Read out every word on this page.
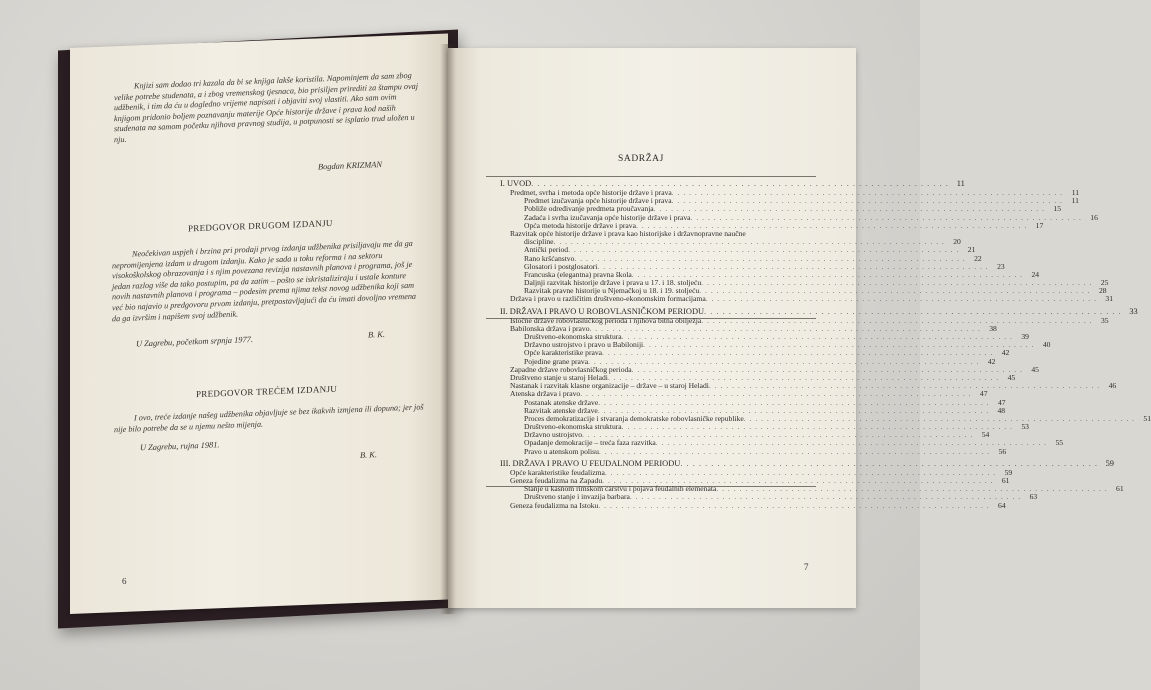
Knjizi sam dodao tri kazala da bi se knjiga lakše koristila. Napominjem da sam zbog velike potrebe studenata, a i zbog vremenskog tjesnaca, bio prisiljen prirediti za štampu ovaj udžbenik, i tim da ću u dogledno vrijeme napisati i objaviti svoj vlastiti. Ako sam ovim knjigom pridonio boljem poznavanju materije Opće historije države i prava kod naših studenata na samom početku njihova pravnog studija, u potpunosti se isplatio trud uložen u nju.

Bogdan KRIZMAN

PREDGOVOR DRUGOM IZDANJU

Neočekivan uspjeh i brzina pri prodaji prvog izdanja udžbenika prisiljavaju me da ga nepromijenjena izdam u drugom izdanju. Kako je sada u toku reforma i na sektoru visokoškolskog obrazovanja i s njim povezana revizija nastavnih planova i programa, još je jedan razlog više da tako postupim, pa da zatim – pošto se iskristaliziraju i ustale konture novih nastavnih planova i programa – podesim prema njima tekst novog udžbenika koji sam već bio najavio u predgovoru prvom izdanju, pretpostavljajući da ću imati dovoljno vremena da ga izvršim i napišem svoj udžbenik.

U Zagrebu, početkom srpnja 1977.

B. K.

PREDGOVOR TREĆEM IZDANJU

I ovo, treće izdanje našeg udžbenika objavljuje se bez ikakvih izmjena ili dopuna; jer još nije bilo potrebe da se u njemu nešto mijenja.

U Zagrebu, rujna 1981.

B. K.

6

SADRŽAJ

I. UVOD . . .	11
Predmet, svrha i metoda opće historije države i prava . . .	11
Predmet izučavanja opće historije države i prava . . .	11
Pobliže određivanje predmeta proučavanja . . .	15
Zadaća i svrha izučavanja opće historije države i prava . . .	16
Opća metoda historije države i prava . . .	17
Razvitak opće historije države i prava kao historijske i državnopravne naučne
discipline . . .	20
Antički period . . .	21
Rano kršćanstvo . . .	22
Glosatori i postglosatori . . .	23
Francuska (elegantna) pravna škola . . .	24
Daljnji razvitak historije države i prava u 17. i 18. stoljeću . . .	25
Razvitak pravne historije u Njemačkoj u 18. i 19. stoljeću . . .	28
Država i pravo u različitim društveno-ekonomskim formacijama . . .	31
II. DRŽAVA I PRAVO U ROBOVLASNIČKOM PERIODU . . .	33
Istočne države robovlasničkog perioda i njihova bitna obilježja . . .	35
Babilonska država i pravo . . .	38
Društveno-ekonomska struktura . . .	39
Državno ustrojstvo i pravo u Babiloniji . . .	40
Opće karakteristike prava . . .	42
Pojedine grane prava . . .	42
Zapadne države robovlasničkog perioda . . .	45
Društveno stanje u staroj Heladi . . .	45
Nastanak i razvitak klasne organizacije – države – u staroj Heladi . . .	46
Atenska država i pravo . . .	47
Postanak atenske države . . .	47
Razvitak atenske države . . .	48
Proces demokratizacije i stvaranja demokratske robovlasničke republike . . .	51
Društveno-ekonomska struktura . . .	53
Državno ustrojstvo . . .	54
Opadanje demokracije – treća faza razvitka . . .	55
Pravo u atenskom polisu . . .	56
III. DRŽAVA I PRAVO U FEUDALNOM PERIODU . . .	59
Opće karakteristike feudalizma . . .	59
Geneza feudalizma na Zapadu . . .	61
Stanje u kasnom rimskom carstvu i pojava feudalnih elemenata . . .	61
Društveno stanje i invazija barbara . . .	63
Geneza feudalizma na Istoku . . .	64

7
